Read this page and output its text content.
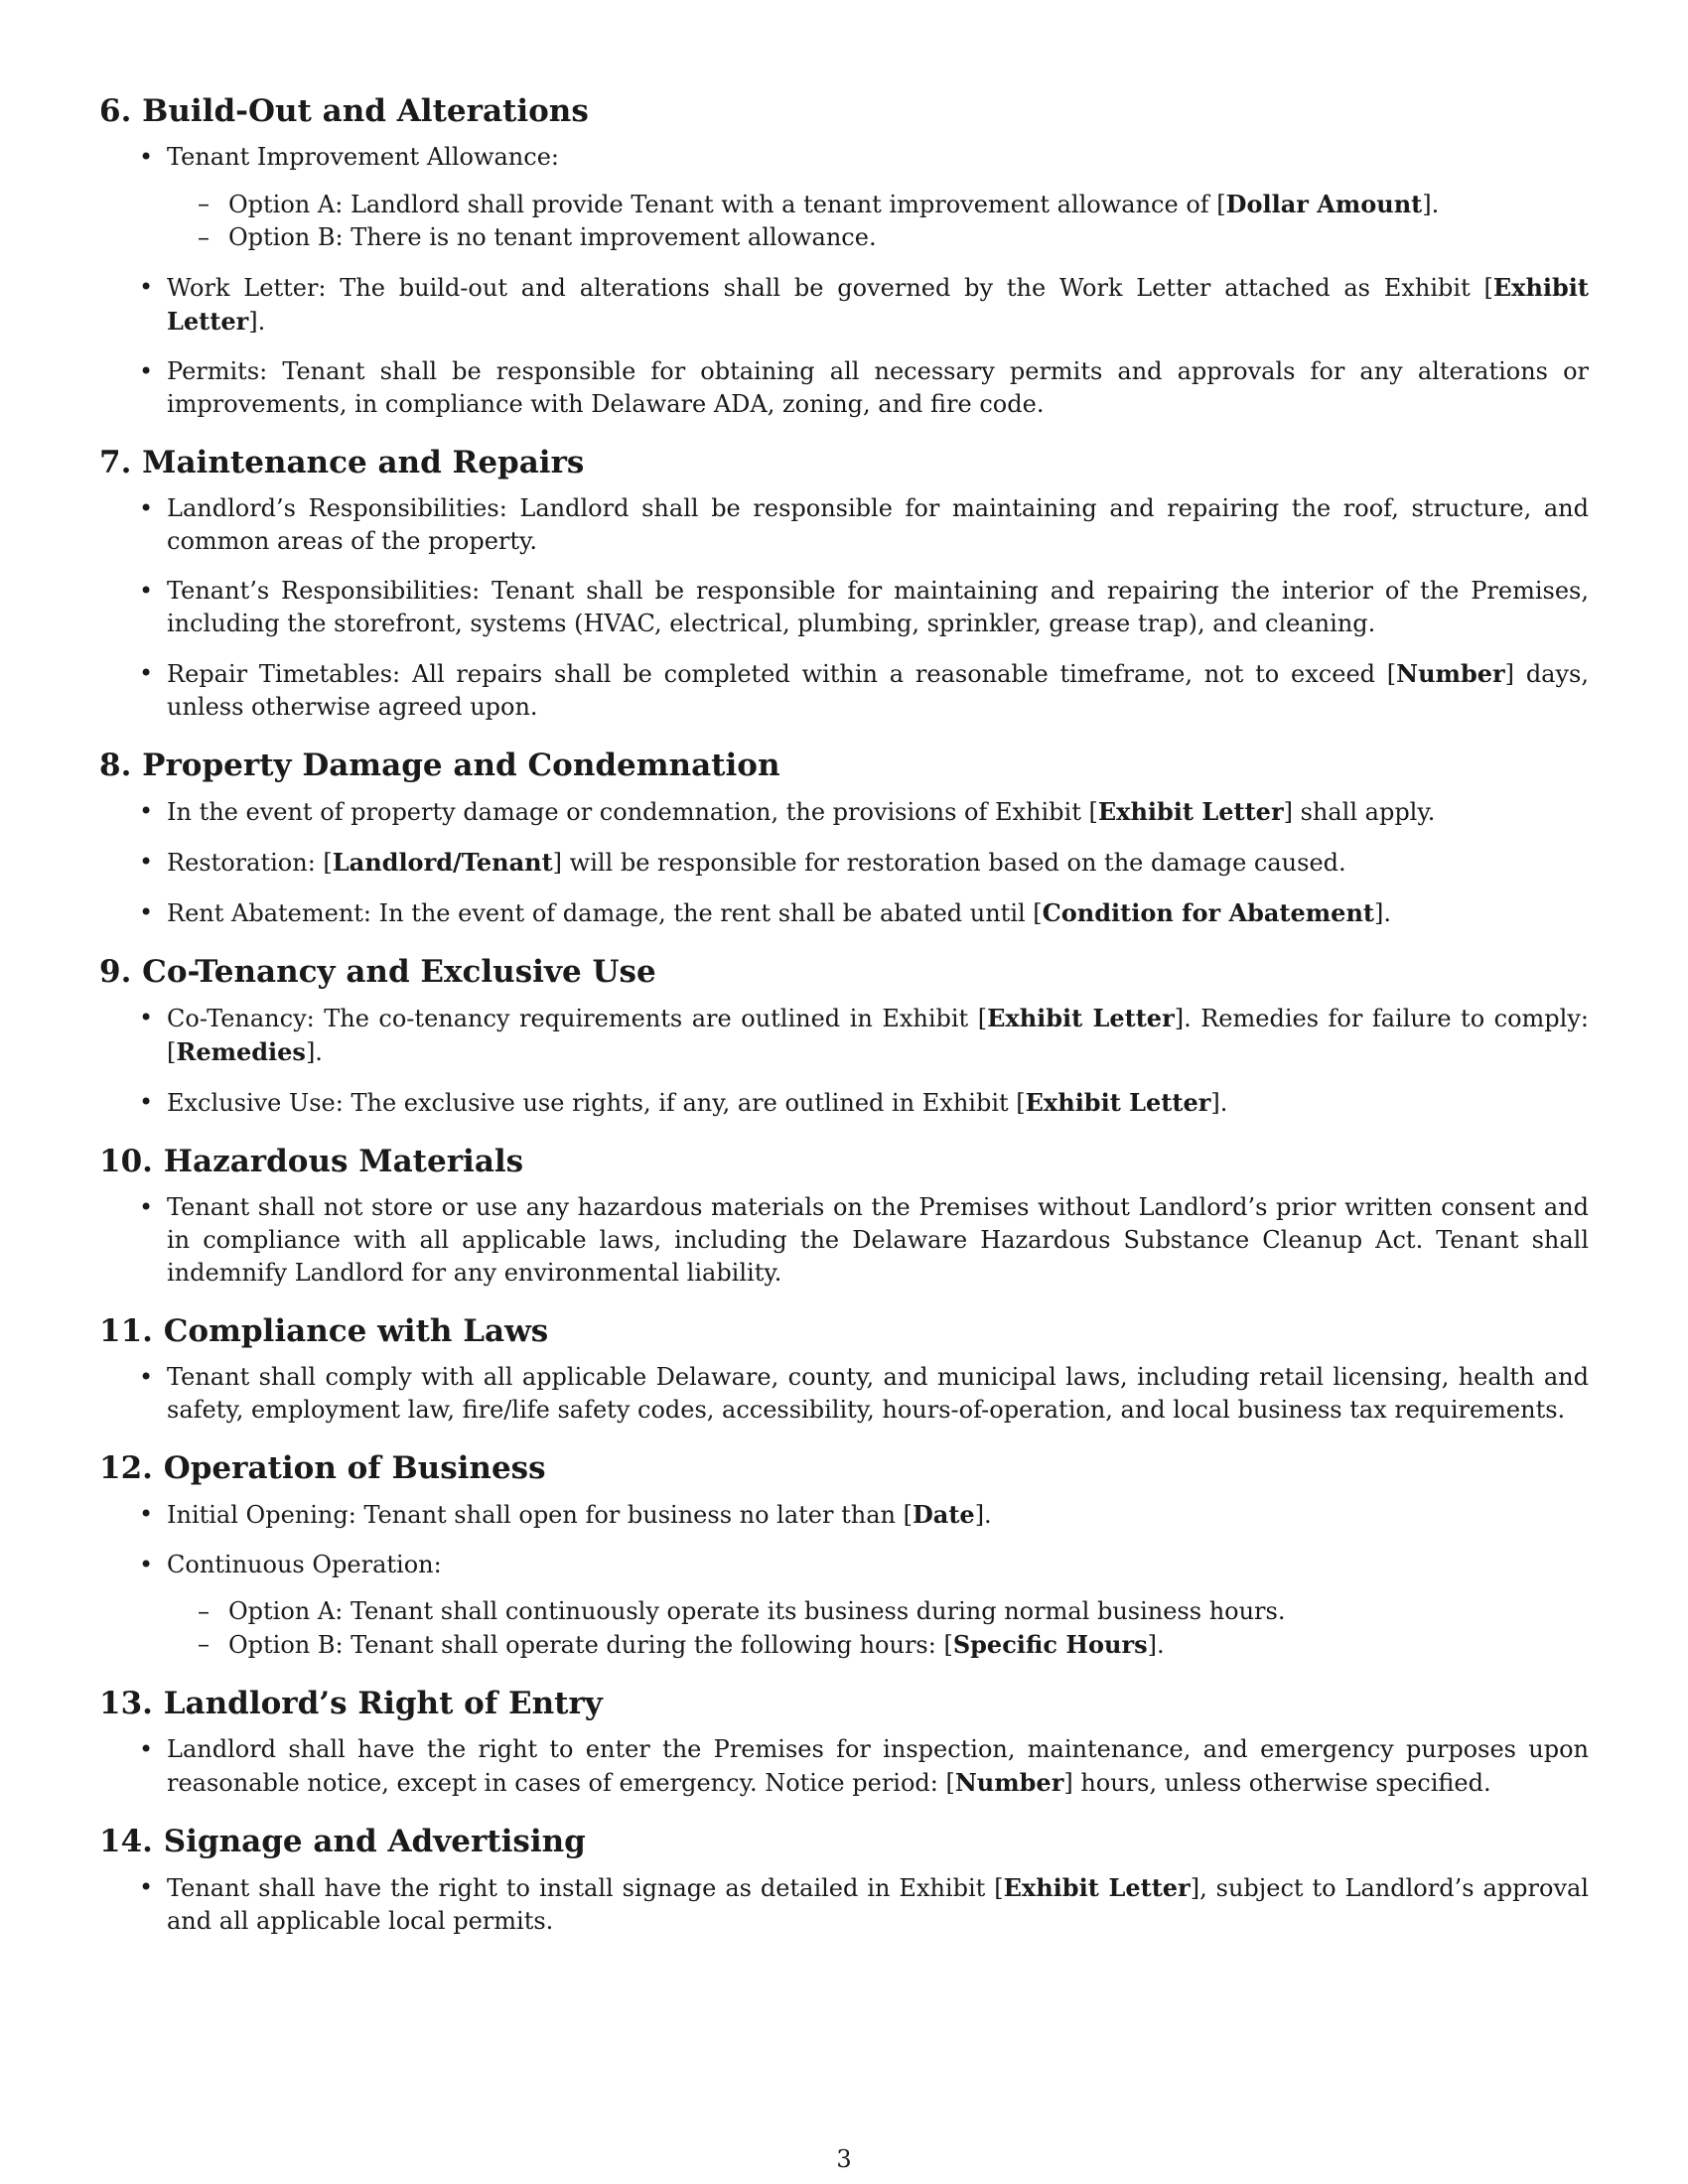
6. Build-Out and Alterations
• Tenant Improvement Allowance:
– Option A: Landlord shall provide Tenant with a tenant improvement allowance of [Dollar Amount].
– Option B: There is no tenant improvement allowance.
• Work Letter: The build-out and alterations shall be governed by the Work Letter attached as Exhibit [Exhibit Letter].
• Permits: Tenant shall be responsible for obtaining all necessary permits and approvals for any alterations or improvements, in compliance with Delaware ADA, zoning, and fire code.
7. Maintenance and Repairs
• Landlord’s Responsibilities: Landlord shall be responsible for maintaining and repairing the roof, structure, and common areas of the property.
• Tenant’s Responsibilities: Tenant shall be responsible for maintaining and repairing the interior of the Premises, including the storefront, systems (HVAC, electrical, plumbing, sprinkler, grease trap), and cleaning.
• Repair Timetables: All repairs shall be completed within a reasonable timeframe, not to exceed [Number] days, unless otherwise agreed upon.
8. Property Damage and Condemnation
• In the event of property damage or condemnation, the provisions of Exhibit [Exhibit Letter] shall apply.
• Restoration: [Landlord/Tenant] will be responsible for restoration based on the damage caused.
• Rent Abatement: In the event of damage, the rent shall be abated until [Condition for Abatement].
9. Co-Tenancy and Exclusive Use
• Co-Tenancy: The co-tenancy requirements are outlined in Exhibit [Exhibit Letter]. Remedies for failure to comply: [Remedies].
• Exclusive Use: The exclusive use rights, if any, are outlined in Exhibit [Exhibit Letter].
10. Hazardous Materials
• Tenant shall not store or use any hazardous materials on the Premises without Landlord’s prior written consent and in compliance with all applicable laws, including the Delaware Hazardous Substance Cleanup Act. Tenant shall indemnify Landlord for any environmental liability.
11. Compliance with Laws
• Tenant shall comply with all applicable Delaware, county, and municipal laws, including retail licensing, health and safety, employment law, fire/life safety codes, accessibility, hours-of-operation, and local business tax requirements.
12. Operation of Business
• Initial Opening: Tenant shall open for business no later than [Date].
• Continuous Operation:
– Option A: Tenant shall continuously operate its business during normal business hours.
– Option B: Tenant shall operate during the following hours: [Specific Hours].
13. Landlord’s Right of Entry
• Landlord shall have the right to enter the Premises for inspection, maintenance, and emergency purposes upon reasonable notice, except in cases of emergency. Notice period: [Number] hours, unless otherwise specified.
14. Signage and Advertising
• Tenant shall have the right to install signage as detailed in Exhibit [Exhibit Letter], subject to Landlord’s approval and all applicable local permits.
3
